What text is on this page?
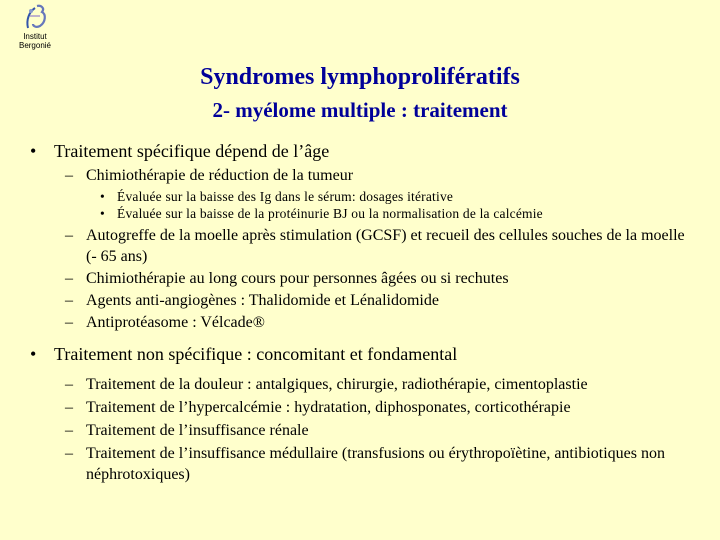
Institut
Bergonié
Syndromes lymphoprolifératifs
2- myélome multiple : traitement
• Traitement spécifique dépend de l’âge
– Chimiothérapie de réduction de la tumeur
• Évaluée sur la baisse des Ig dans le sérum: dosages itérative
• Évaluée sur la baisse de la protéinurie BJ ou la normalisation de la calcémie
– Autogreffe de la moelle après stimulation (GCSF) et recueil des cellules souches de la moelle (- 65 ans)
– Chimiothérapie au long cours pour personnes âgées ou si rechutes
– Agents anti-angiogènes : Thalidomide et Lénalidomide
– Antiprotéasome : Vélcade®
• Traitement non spécifique : concomitant et fondamental
– Traitement de la douleur : antalgiques, chirurgie, radiothérapie, cimentoplastie
– Traitement de l’hypercalcémie : hydratation, diphosponates, corticothérapie
– Traitement de l’insuffisance rénale
– Traitement de l’insuffisance médullaire (transfusions ou érythropoïètine, antibiotiques non néphrotoxiques)
